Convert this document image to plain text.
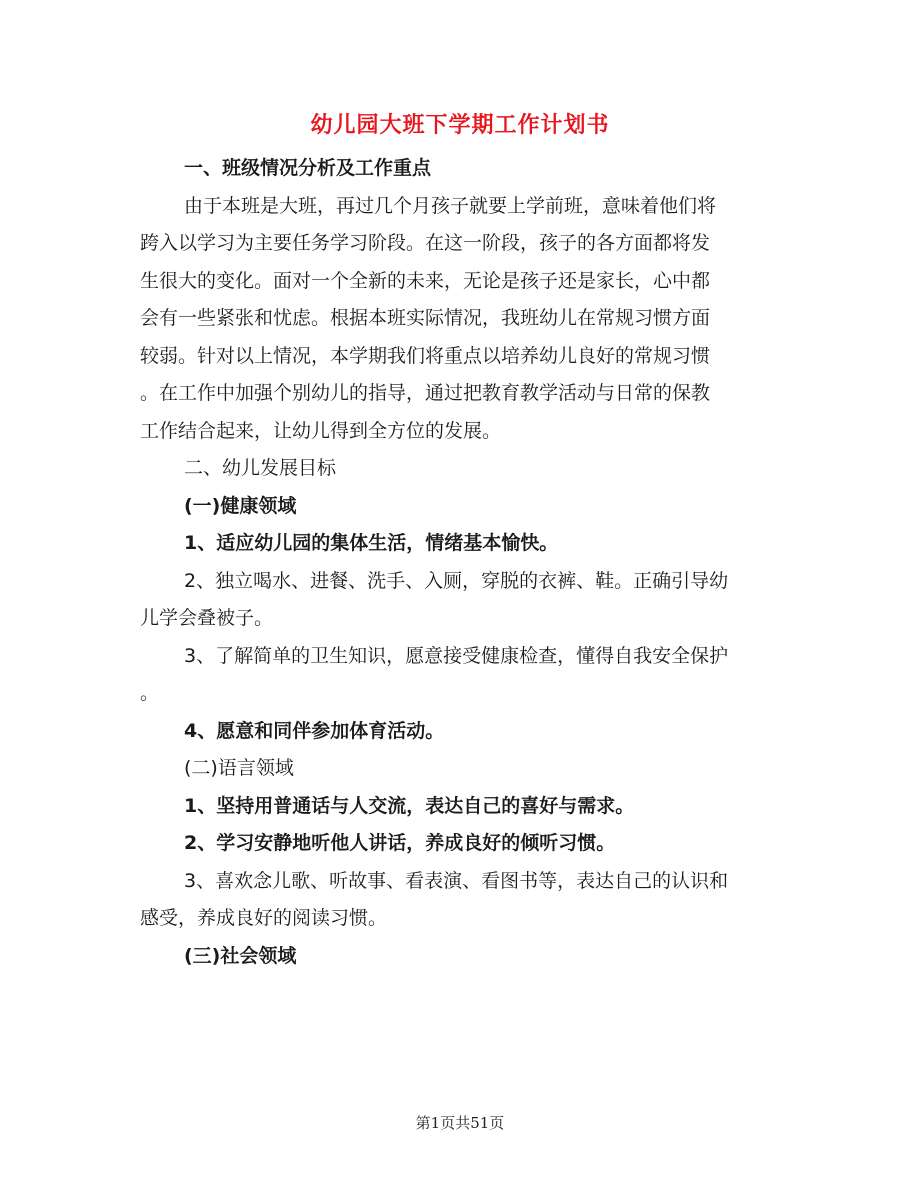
幼儿园大班下学期工作计划书

一、班级情况分析及工作重点

由于本班是大班，再过几个月孩子就要上学前班，意味着他们将

跨入以学习为主要任务学习阶段。在这一阶段，孩子的各方面都将发

生很大的变化。面对一个全新的未来，无论是孩子还是家长，心中都

会有一些紧张和忧虑。根据本班实际情况，我班幼儿在常规习惯方面

较弱。针对以上情况，本学期我们将重点以培养幼儿良好的常规习惯

。在工作中加强个别幼儿的指导，通过把教育教学活动与日常的保教

工作结合起来，让幼儿得到全方位的发展。

二、幼儿发展目标

(一)健康领域

1、适应幼儿园的集体生活，情绪基本愉快。

2、独立喝水、进餐、洗手、入厕，穿脱的衣裤、鞋。正确引导幼

儿学会叠被子。

3、了解简单的卫生知识，愿意接受健康检查，懂得自我安全保护

。

4、愿意和同伴参加体育活动。

(二)语言领域

1、坚持用普通话与人交流，表达自己的喜好与需求。

2、学习安静地听他人讲话，养成良好的倾听习惯。

3、喜欢念儿歌、听故事、看表演、看图书等，表达自己的认识和

感受，养成良好的阅读习惯。

(三)社会领域

第1页共51页
